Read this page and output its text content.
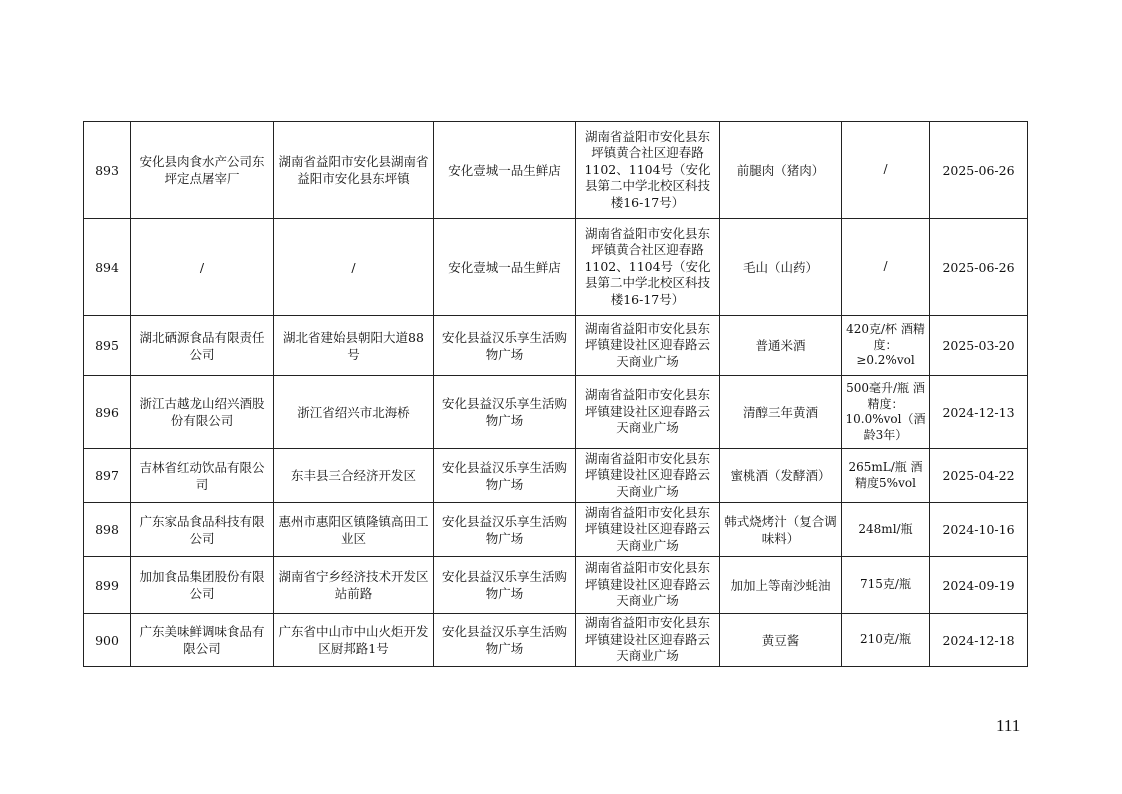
893	安化县肉食水产公司东坪定点屠宰厂	湖南省益阳市安化县湖南省益阳市安化县东坪镇	安化壹城一品生鲜店	湖南省益阳市安化县东坪镇黄合社区迎春路1102、1104号（安化县第二中学北校区科技楼16-17号）	前腿肉（猪肉）	/	2025-06-26
894	/	/	安化壹城一品生鲜店	湖南省益阳市安化县东坪镇黄合社区迎春路1102、1104号（安化县第二中学北校区科技楼16-17号）	毛山（山药）	/	2025-06-26
895	湖北硒源食品有限责任公司	湖北省建始县朝阳大道88号	安化县益汉乐享生活购物广场	湖南省益阳市安化县东坪镇建设社区迎春路云天商业广场	普通米酒	420克/杯 酒精度：≥0.2%vol	2025-03-20
896	浙江古越龙山绍兴酒股份有限公司	浙江省绍兴市北海桥	安化县益汉乐享生活购物广场	湖南省益阳市安化县东坪镇建设社区迎春路云天商业广场	清醇三年黄酒	500毫升/瓶 酒精度：10.0%vol（酒龄3年）	2024-12-13
897	吉林省红动饮品有限公司	东丰县三合经济开发区	安化县益汉乐享生活购物广场	湖南省益阳市安化县东坪镇建设社区迎春路云天商业广场	蜜桃酒（发酵酒）	265mL/瓶 酒精度5%vol	2025-04-22
898	广东家品食品科技有限公司	惠州市惠阳区镇隆镇高田工业区	安化县益汉乐享生活购物广场	湖南省益阳市安化县东坪镇建设社区迎春路云天商业广场	韩式烧烤汁（复合调味料）	248ml/瓶	2024-10-16
899	加加食品集团股份有限公司	湖南省宁乡经济技术开发区站前路	安化县益汉乐享生活购物广场	湖南省益阳市安化县东坪镇建设社区迎春路云天商业广场	加加上等南沙蚝油	715克/瓶	2024-09-19
900	广东美味鲜调味食品有限公司	广东省中山市中山火炬开发区厨邦路1号	安化县益汉乐享生活购物广场	湖南省益阳市安化县东坪镇建设社区迎春路云天商业广场	黄豆酱	210克/瓶	2024-12-18
111
